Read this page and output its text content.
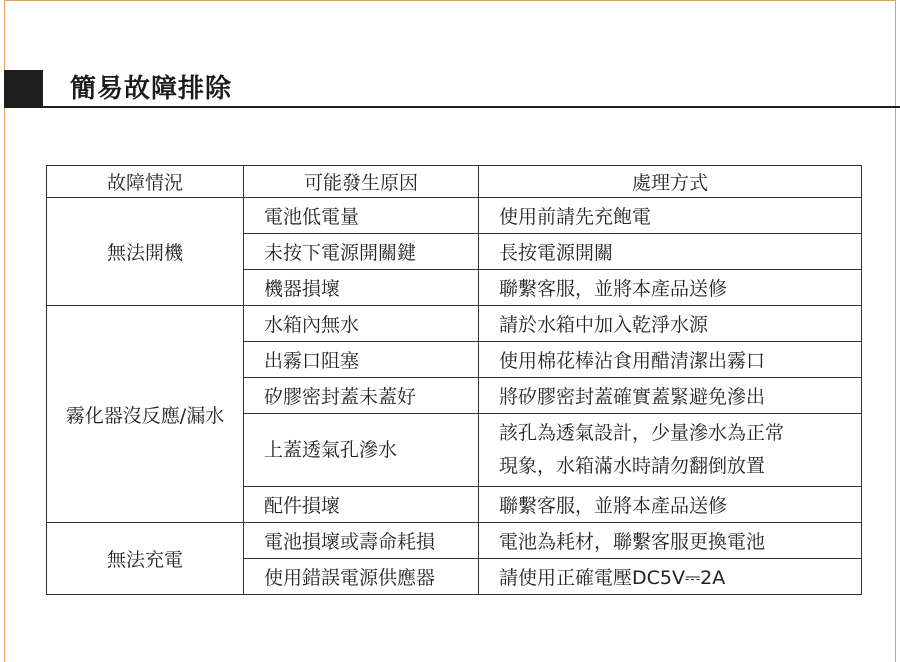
簡易故障排除
故障情況	可能發生原因	處理方式
無法開機	電池低電量	使用前請先充飽電
	未按下電源開關鍵	長按電源開關
	機器損壞	聯繫客服，並將本產品送修
霧化器沒反應/漏水	水箱內無水	請於水箱中加入乾淨水源
	出霧口阻塞	使用棉花棒沾食用醋清潔出霧口
	矽膠密封蓋未蓋好	將矽膠密封蓋確實蓋緊避免滲出
	上蓋透氣孔滲水	該孔為透氣設計，少量滲水為正常
現象，水箱滿水時請勿翻倒放置

	配件損壞	聯繫客服，並將本產品送修
無法充電	電池損壞或壽命耗損	電池為耗材，聯繫客服更換電池
	使用錯誤電源供應器	請使用正確電壓DC5V⎓2A
